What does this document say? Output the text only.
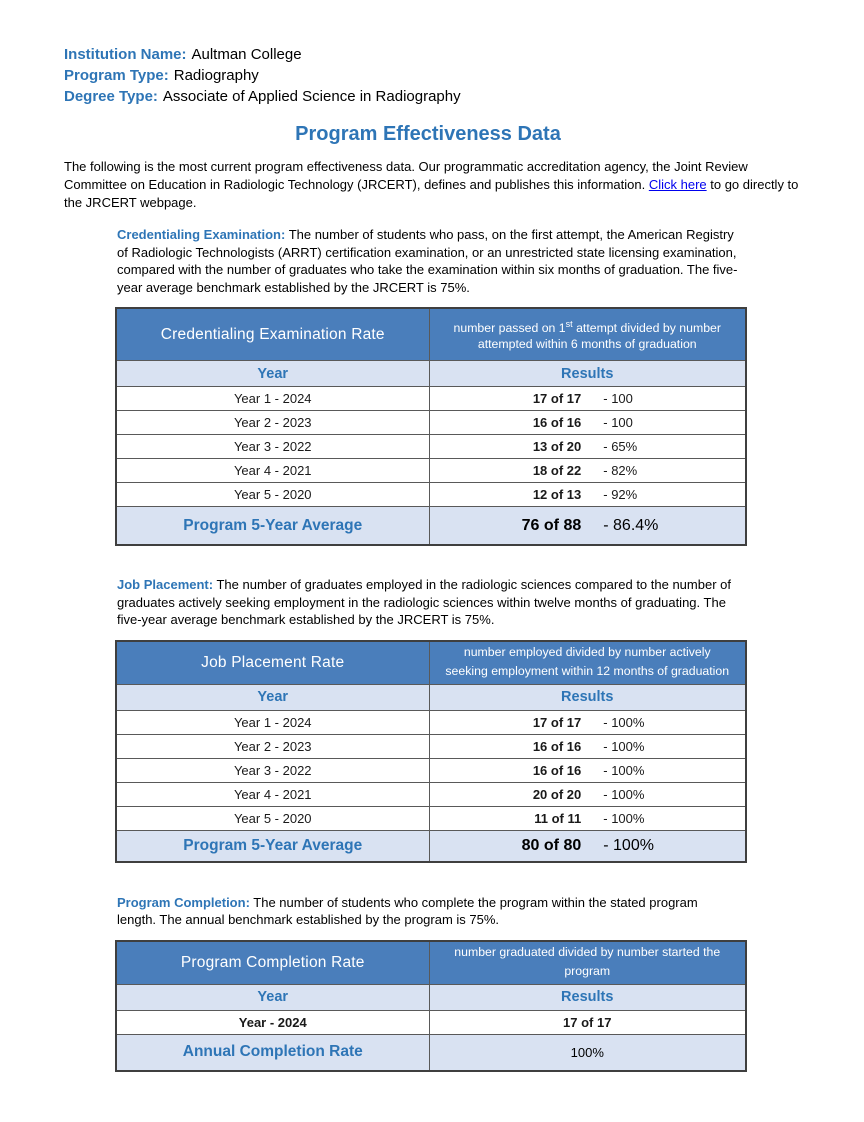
Institution Name: Aultman College
Program Type: Radiography
Degree Type: Associate of Applied Science in Radiography
Program Effectiveness Data

The following is the most current program effectiveness data. Our programmatic accreditation agency, the Joint Review Committee on Education in Radiologic Technology (JRCERT), defines and publishes this information. Click here to go directly to the JRCERT webpage.

Credentialing Examination: The number of students who pass, on the first attempt, the American Registry of Radiologic Technologists (ARRT) certification examination, or an unrestricted state licensing examination, compared with the number of graduates who take the examination within six months of graduation. The five-year average benchmark established by the JRCERT is 75%.

Credentialing Examination Rate	number passed on 1st attempt divided by number attempted within 6 months of graduation
Year	Results
Year 1 - 2024	17 of 17 - 100

Year 2 - 2023	16 of 16 - 100

Year 3 - 2022	13 of 20 - 65%

Year 4 - 2021	18 of 22 - 82%

Year 5 - 2020	12 of 13 - 92%

Program 5-Year Average	76 of 88 - 86.4%

Job Placement: The number of graduates employed in the radiologic sciences compared to the number of graduates actively seeking employment in the radiologic sciences within twelve months of graduating. The five-year average benchmark established by the JRCERT is 75%.

Job Placement Rate	number employed divided by number actively seeking employment within 12 months of graduation
Year	Results
Year 1 - 2024	17 of 17 - 100%

Year 2 - 2023	16 of 16 - 100%

Year 3 - 2022	16 of 16 - 100%

Year 4 - 2021	20 of 20 - 100%

Year 5 - 2020	11 of 11 - 100%

Program 5-Year Average	80 of 80 - 100%

Program Completion: The number of students who complete the program within the stated program length. The annual benchmark established by the program is 75%.

Program Completion Rate	number graduated divided by number started the program
Year	Results
Year - 2024	17 of 17
Annual Completion Rate	100%
